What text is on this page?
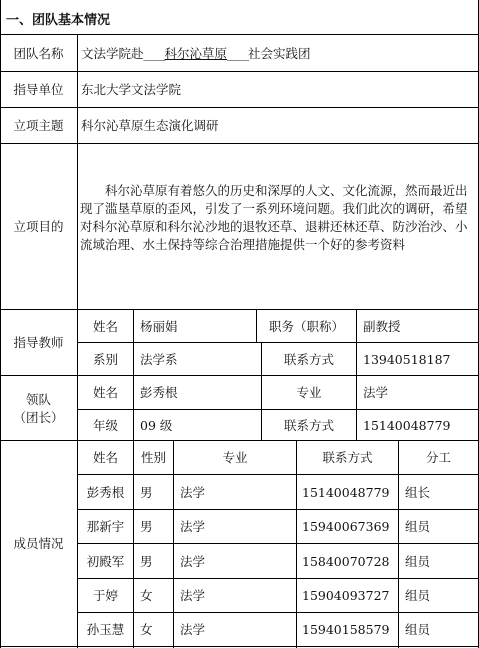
一、团队基本情况
团队名称	文法学院赴 ____ 科尔沁草原 ____ 社会实践团
指导单位	东北大学文法学院
立项主题	科尔沁草原生态演化调研
立项目的
科尔沁草原有着悠久的历史和深厚的人文、文化流源，然而最近出现了滥垦草原的歪风，引发了一系列环境问题。我们此次的调研，希望对科尔沁草原和科尔沁沙地的退牧还草、退耕还林还草、防沙治沙、小流域治理、水土保持等综合治理措施提供一个好的参考资料
指导教师
姓名	杨丽娟	职务（职称）	副教授
系别	法学系	联系方式	13940518187
领队
（团长）
姓名	彭秀根	专业	法学
年级	09 级	联系方式	15140048779
成员情况
姓名	性别	专业	联系方式	分工
彭秀根	男 法学	15140048779 组长
那新宇	男 法学	15940067369 组员
初殿军	男 法学	15840070728 组员
于婷	女 法学	15904093727 组员
孙玉慧	女 法学	15940158579 组员
